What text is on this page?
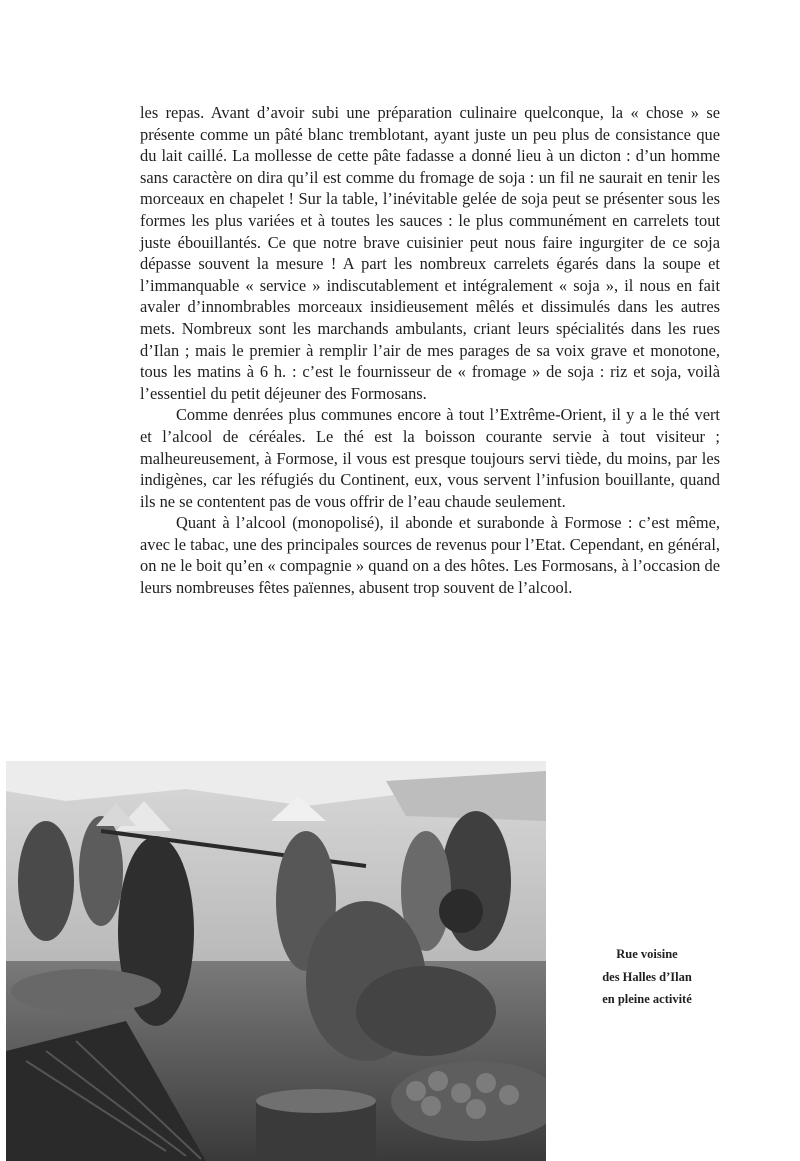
les repas. Avant d’avoir subi une préparation culinaire quelconque, la « chose » se présente comme un pâté blanc tremblotant, ayant juste un peu plus de consistance que du lait caillé. La mollesse de cette pâte fadasse a donné lieu à un dicton : d’un homme sans caractère on dira qu’il est comme du fromage de soja : un fil ne saurait en tenir les morceaux en chapelet ! Sur la table, l’inévitable gelée de soja peut se présenter sous les formes les plus variées et à toutes les sauces : le plus communément en carrelets tout juste ébouillantés. Ce que notre brave cuisinier peut nous faire ingurgiter de ce soja dépasse souvent la mesure ! A part les nombreux carrelets égarés dans la soupe et l’immanquable « service » indiscutablement et intégralement « soja », il nous en fait avaler d’innombrables morceaux insidieusement mêlés et dissimulés dans les autres mets. Nombreux sont les marchands ambulants, criant leurs spécialités dans les rues d’Ilan ; mais le premier à remplir l’air de mes parages de sa voix grave et monotone, tous les matins à 6 h. : c’est le fournisseur de « fromage » de soja : riz et soja, voilà l’essentiel du petit déjeuner des Formosans.

Comme denrées plus communes encore à tout l’Extrême-Orient, il y a le thé vert et l’alcool de céréales. Le thé est la boisson courante servie à tout visiteur ; malheureusement, à Formose, il vous est presque toujours servi tiède, du moins, par les indigènes, car les réfugiés du Continent, eux, vous servent l’infusion bouillante, quand ils ne se contentent pas de vous offrir de l’eau chaude seulement.

Quant à l’alcool (monopolisé), il abonde et surabonde à Formose : c’est même, avec le tabac, une des principales sources de revenus pour l’Etat. Cependant, en général, on ne le boit qu’en « compagnie » quand on a des hôtes. Les Formosans, à l’occasion de leurs nombreuses fêtes païennes, abusent trop souvent de l’alcool.

Rue voisine
des Halles d’Ilan
en pleine activité
